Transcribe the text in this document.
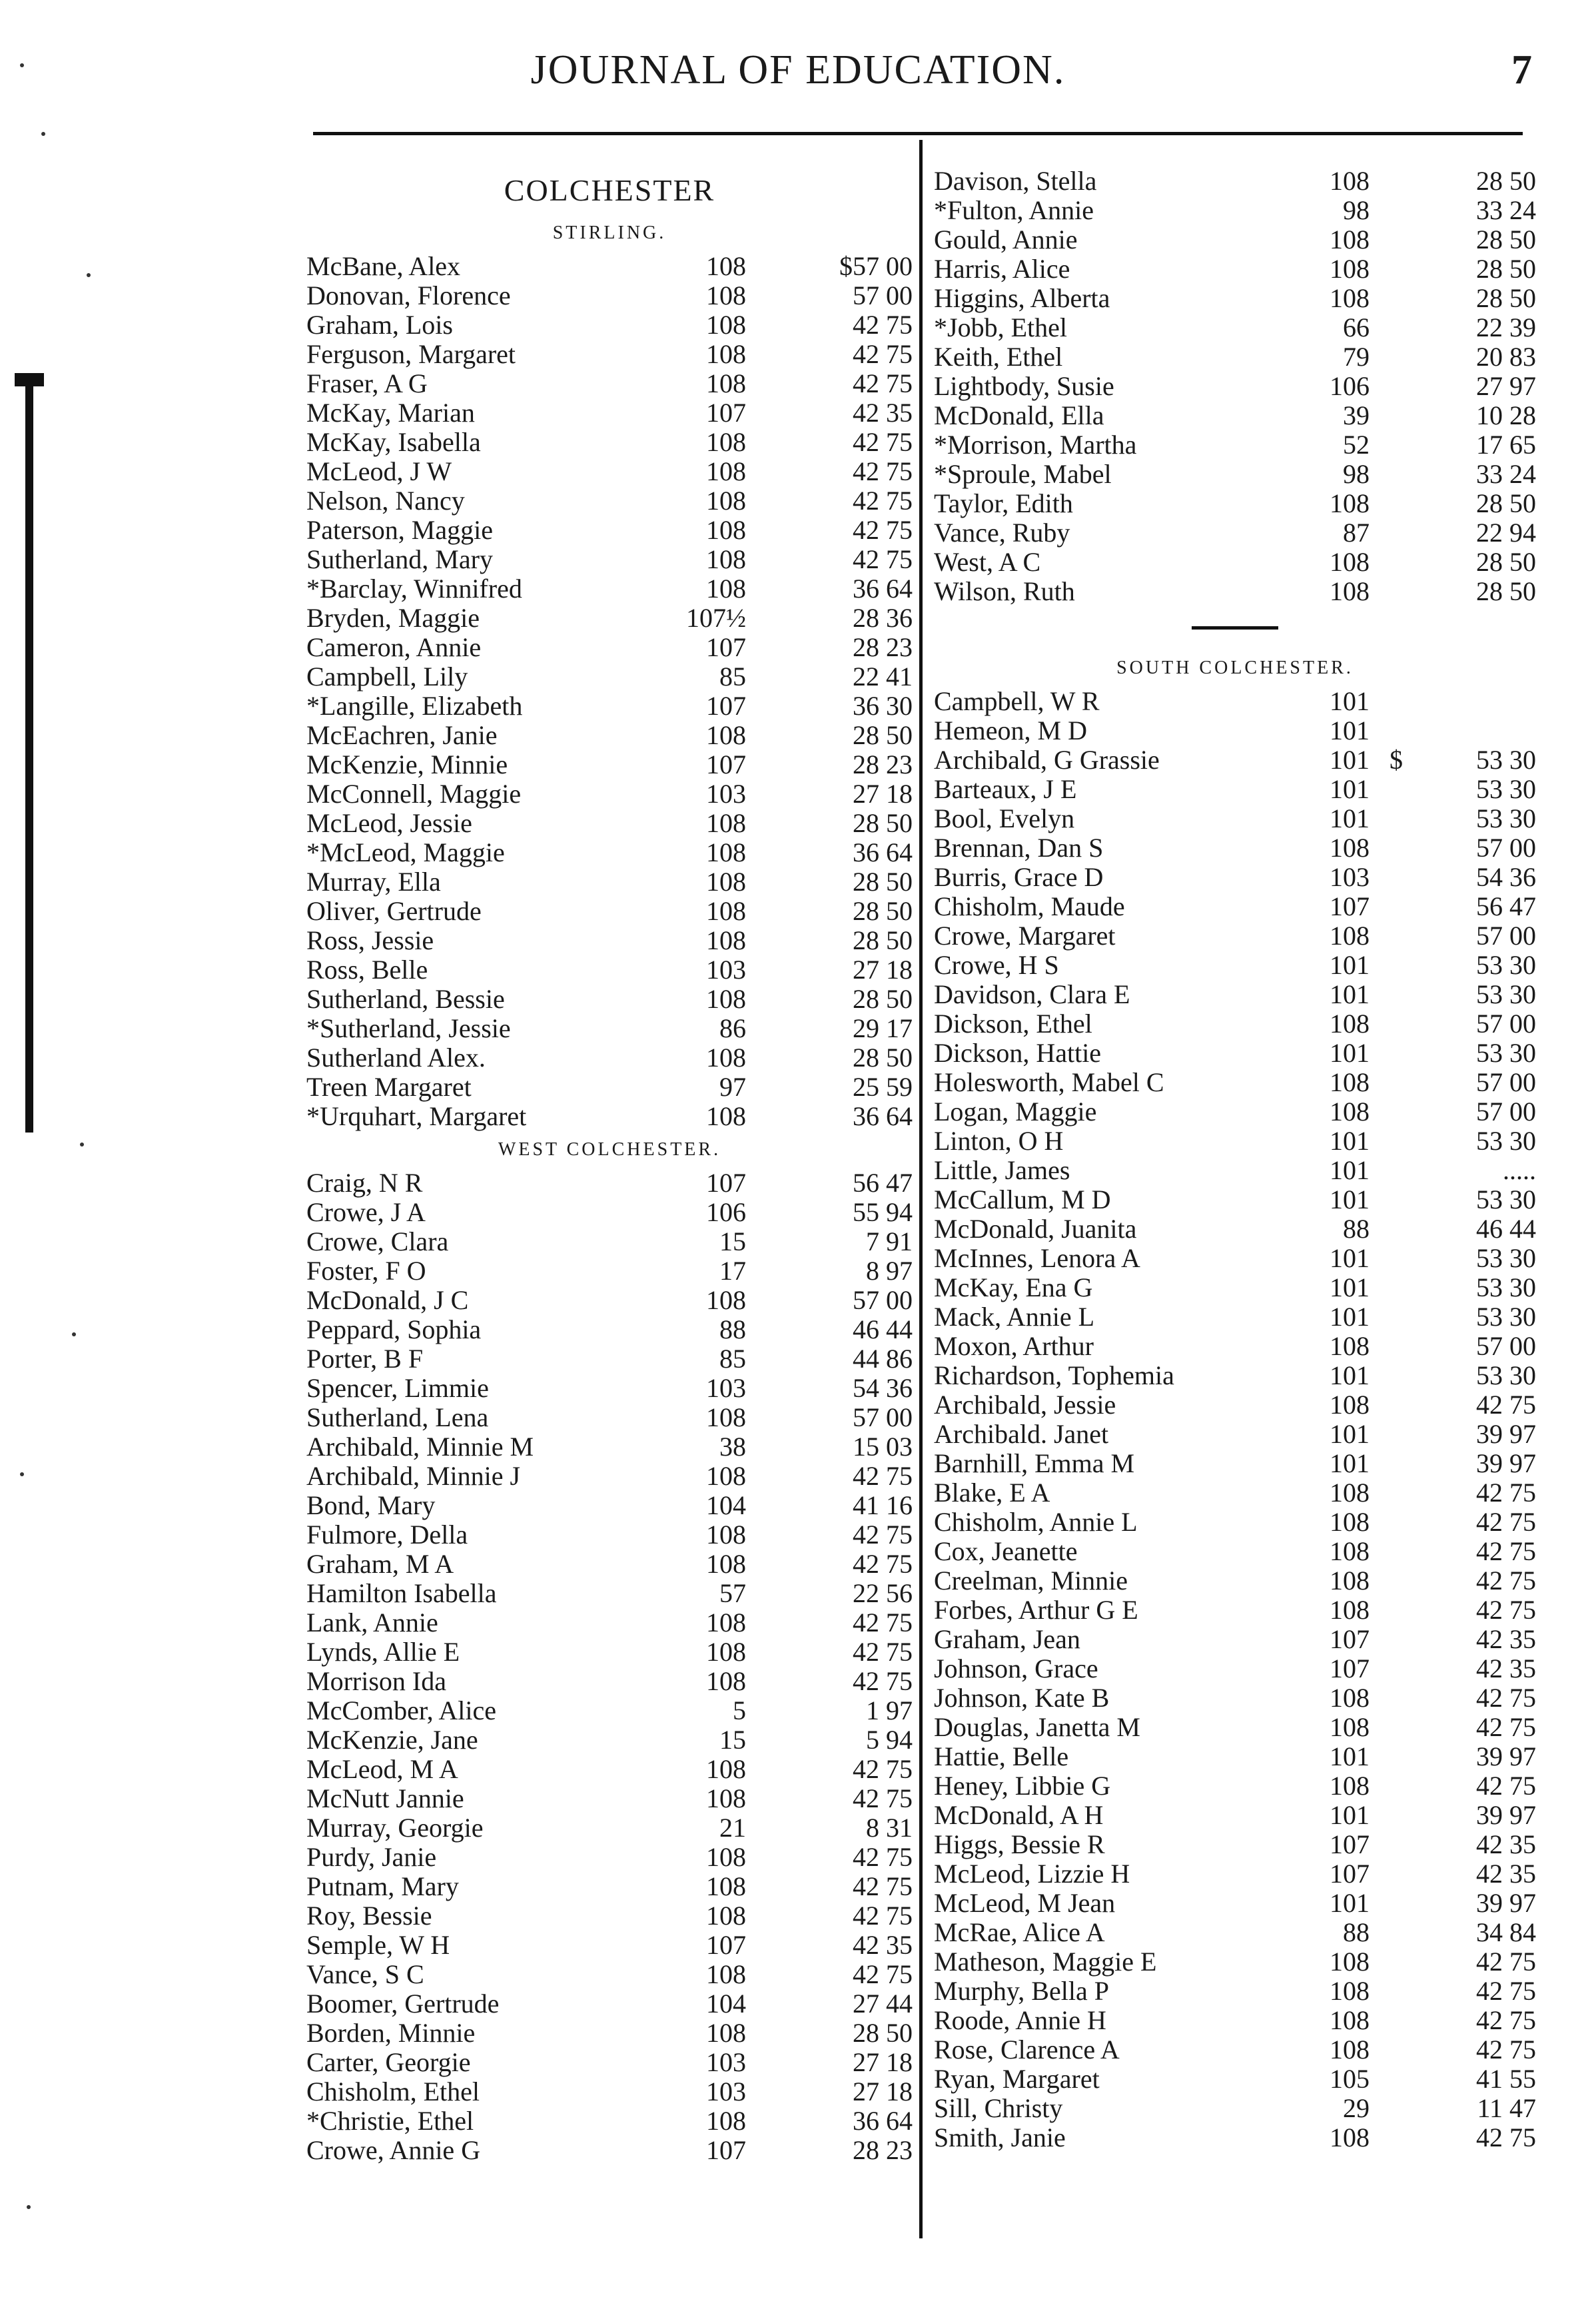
JOURNAL OF EDUCATION.	7
COLCHESTER
STIRLING.
McBane, Alex	108	$57 00
Donovan, Florence	108	57 00
Graham, Lois	108	42 75
Ferguson, Margaret	108	42 75
Fraser, A G	108	42 75
McKay, Marian	107	42 35
McKay, Isabella	108	42 75
McLeod, J W	108	42 75
Nelson, Nancy	108	42 75
Paterson, Maggie	108	42 75
Sutherland, Mary	108	42 75
*Barclay, Winnifred	108	36 64
Bryden, Maggie	107½	28 36
Cameron, Annie	107	28 23
Campbell, Lily	85	22 41
*Langille, Elizabeth	107	36 30
McEachren, Janie	108	28 50
McKenzie, Minnie	107	28 23
McConnell, Maggie	103	27 18
McLeod, Jessie	108	28 50
*McLeod, Maggie	108	36 64
Murray, Ella	108	28 50
Oliver, Gertrude	108	28 50
Ross, Jessie	108	28 50
Ross, Belle	103	27 18
Sutherland, Bessie	108	28 50
*Sutherland, Jessie	86	29 17
Sutherland Alex.	108	28 50
Treen Margaret	97	25 59
*Urquhart, Margaret	108	36 64
WEST COLCHESTER.
Craig, N R	107	56 47
Crowe, J A	106	55 94
Crowe, Clara	15	7 91
Foster, F O	17	8 97
McDonald, J C	108	57 00
Peppard, Sophia	88	46 44
Porter, B F	85	44 86
Spencer, Limmie	103	54 36
Sutherland, Lena	108	57 00
Archibald, Minnie M	38	15 03
Archibald, Minnie J	108	42 75
Bond, Mary	104	41 16
Fulmore, Della	108	42 75
Graham, M A	108	42 75
Hamilton Isabella	57	22 56
Lank, Annie	108	42 75
Lynds, Allie E	108	42 75
Morrison Ida	108	42 75
McComber, Alice	5	1 97
McKenzie, Jane	15	5 94
McLeod, M A	108	42 75
McNutt Jannie	108	42 75
Murray, Georgie	21	8 31
Purdy, Janie	108	42 75
Putnam, Mary	108	42 75
Roy, Bessie	108	42 75
Semple, W H	107	42 35
Vance, S C	108	42 75
Boomer, Gertrude	104	27 44
Borden, Minnie	108	28 50
Carter, Georgie	103	27 18
Chisholm, Ethel	103	27 18
*Christie, Ethel	108	36 64
Crowe, Annie G	107	28 23
Davison, Stella	108	28 50
*Fulton, Annie	98	33 24
Gould, Annie	108	28 50
Harris, Alice	108	28 50
Higgins, Alberta	108	28 50
*Jobb, Ethel	66	22 39
Keith, Ethel	79	20 83
Lightbody, Susie	106	27 97
McDonald, Ella	39	10 28
*Morrison, Martha	52	17 65
*Sproule, Mabel	98	33 24
Taylor, Edith	108	28 50
Vance, Ruby	87	22 94
West, A C	108	28 50
Wilson, Ruth	108	28 50
SOUTH COLCHESTER.
Campbell, W R	101
Hemeon, M D	101
Archibald, G Grassie	101 $	53 30
Barteaux, J E	101	53 30
Bool, Evelyn	101	53 30
Brennan, Dan S	108	57 00
Burris, Grace D	103	54 36
Chisholm, Maude	107	56 47
Crowe, Margaret	108	57 00
Crowe, H S	101	53 30
Davidson, Clara E	101	53 30
Dickson, Ethel	108	57 00
Dickson, Hattie	101	53 30
Holesworth, Mabel C	108	57 00
Logan, Maggie	108	57 00
Linton, O H	101	53 30
Little, James	101	.....
McCallum, M D	101	53 30
McDonald, Juanita	88	46 44
McInnes, Lenora A	101	53 30
McKay, Ena G	101	53 30
Mack, Annie L	101	53 30
Moxon, Arthur	108	57 00
Richardson, Tophemia	101	53 30
Archibald, Jessie	108	42 75
Archibald. Janet	101	39 97
Barnhill, Emma M	101	39 97
Blake, E A	108	42 75
Chisholm, Annie L	108	42 75
Cox, Jeanette	108	42 75
Creelman, Minnie	108	42 75
Forbes, Arthur G E	108	42 75
Graham, Jean	107	42 35
Johnson, Grace	107	42 35
Johnson, Kate B	108	42 75
Douglas, Janetta M	108	42 75
Hattie, Belle	101	39 97
Heney, Libbie G	108	42 75
McDonald, A H	101	39 97
Higgs, Bessie R	107	42 35
McLeod, Lizzie H	107	42 35
McLeod, M Jean	101	39 97
McRae, Alice A	88	34 84
Matheson, Maggie E	108	42 75
Murphy, Bella P	108	42 75
Roode, Annie H	108	42 75
Rose, Clarence A	108	42 75
Ryan, Margaret	105	41 55
Sill, Christy	29	11 47
Smith, Janie	108	42 75
